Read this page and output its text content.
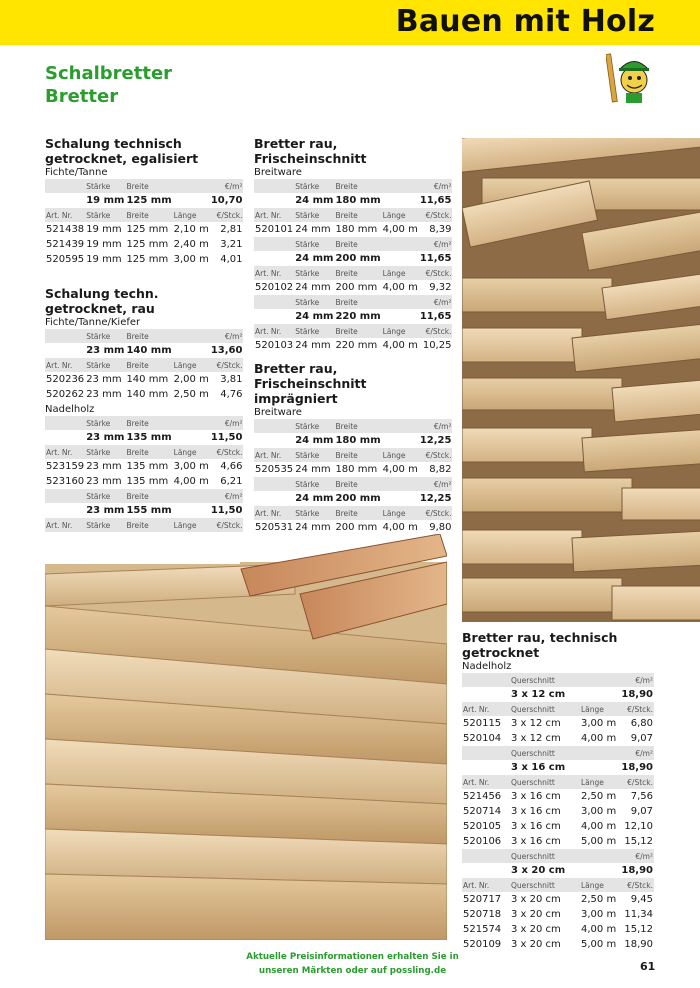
Bauen mit Holz
Schalbretter
Bretter
Schalung technisch
getrocknet, egalisiert
Fichte/Tanne
	Stärke	Breite		€/m²
	19 mm	125 mm		10,70
Art. Nr.	Stärke	Breite	Länge	€/Stck.
521438	19 mm	125 mm	2,10 m	2,81
521439	19 mm	125 mm	2,40 m	3,21
520595	19 mm	125 mm	3,00 m	4,01
Schalung techn. getrocknet, rau
Fichte/Tanne/Kiefer
	Stärke	Breite		€/m²
	23 mm	140 mm		13,60
Art. Nr.	Stärke	Breite	Länge	€/Stck.
520236	23 mm	140 mm	2,00 m	3,81
520262	23 mm	140 mm	2,50 m	4,76
Nadelholz
	Stärke	Breite		€/m²
	23 mm	135 mm		11,50
Art. Nr.	Stärke	Breite	Länge	€/Stck.
523159	23 mm	135 mm	3,00 m	4,66
523160	23 mm	135 mm	4,00 m	6,21
	Stärke	Breite		€/m²
	23 mm	155 mm		11,50
Art. Nr.	Stärke	Breite	Länge	€/Stck.

Bretter rau, Frischeinschnitt
Breitware
	Stärke	Breite		€/m²
	24 mm	180 mm		11,65
Art. Nr.	Stärke	Breite	Länge	€/Stck.
520101	24 mm	180 mm	4,00 m	8,39
	Stärke	Breite		€/m²
	24 mm	200 mm		11,65
Art. Nr.	Stärke	Breite	Länge	€/Stck.
520102	24 mm	200 mm	4,00 m	9,32
	Stärke	Breite		€/m²
	24 mm	220 mm		11,65
Art. Nr.	Stärke	Breite	Länge	€/Stck.
520103	24 mm	220 mm	4,00 m	10,25
Bretter rau, Frischeinschnitt
imprägniert
Breitware
	Stärke	Breite		€/m²
	24 mm	180 mm		12,25
Art. Nr.	Stärke	Breite	Länge	€/Stck.
520535	24 mm	180 mm	4,00 m	8,82
	Stärke	Breite		€/m²
	24 mm	200 mm		12,25
Art. Nr.	Stärke	Breite	Länge	€/Stck.
520531	24 mm	200 mm	4,00 m	9,80
Bretter rau, technisch getrocknet
Nadelholz
	Querschnitt		€/m²
	3 x 12 cm		18,90
Art. Nr.	Querschnitt	Länge	€/Stck.
520115	3 x 12 cm	3,00 m	6,80
520104	3 x 12 cm	4,00 m	9,07
	Querschnitt		€/m²
	3 x 16 cm		18,90
Art. Nr.	Querschnitt	Länge	€/Stck.
521456	3 x 16 cm	2,50 m	7,56
520714	3 x 16 cm	3,00 m	9,07
520105	3 x 16 cm	4,00 m	12,10
520106	3 x 16 cm	5,00 m	15,12
	Querschnitt		€/m²
	3 x 20 cm		18,90
Art. Nr.	Querschnitt	Länge	€/Stck.
520717	3 x 20 cm	2,50 m	9,45
520718	3 x 20 cm	3,00 m	11,34
521574	3 x 20 cm	4,00 m	15,12
520109	3 x 20 cm	5,00 m	18,90
Aktuelle Preisinformationen erhalten Sie in
unseren Märkten oder auf possling.de	61
